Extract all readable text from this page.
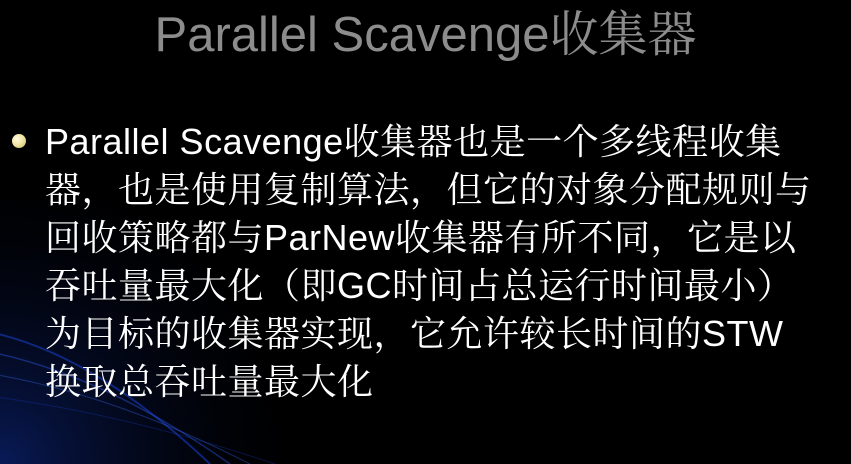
Parallel Scavenge收集器
Parallel Scavenge收集器也是一个多线程收集器，也是使用复制算法，但它的对象分配规则与回收策略都与ParNew收集器有所不同，它是以吞吐量最大化（即GC时间占总运行时间最小）为目标的收集器实现，它允许较长时间的STW换取总吞吐量最大化
